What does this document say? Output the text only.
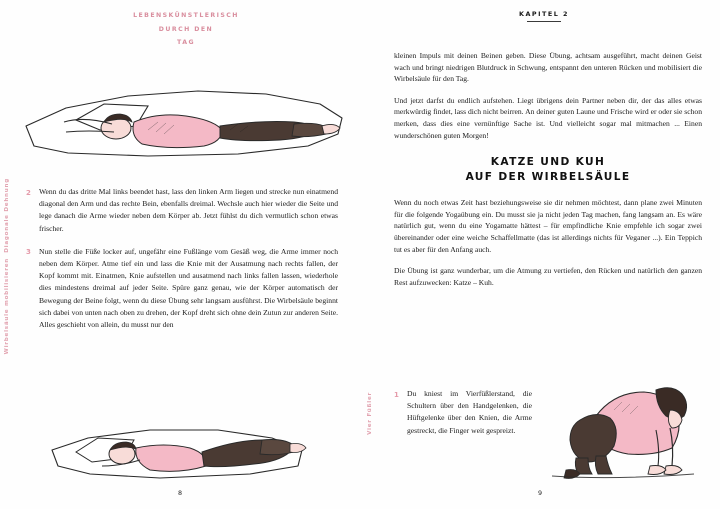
LEBENSKÜNSTLERISCH
DURCH DEN
TAG
Diagonale Dehnung
Wirbelsäule mobilisieren
2 Wenn du das dritte Mal links beendet hast, lass den linken Arm liegen und strecke nun einatmend diagonal den Arm und das rechte Bein, ebenfalls dreimal. Wechsle auch hier wieder die Seite und lege danach die Arme wieder neben dem Körper ab. Jetzt fühlst du dich vermutlich schon etwas frischer.
3 Nun stelle die Füße locker auf, ungefähr eine Fußlänge vom Gesäß weg, die Arme immer noch neben dem Körper. Atme tief ein und lass die Knie mit der Ausatmung nach rechts fallen, der Kopf kommt mit. Einatmen, Knie aufstellen und ausatmend nach links fallen lassen, wiederhole dies mindestens dreimal auf jeder Seite. Spüre ganz genau, wie der Körper automatisch der Bewegung der Beine folgt, wenn du diese Übung sehr langsam ausführst. Die Wirbelsäule beginnt sich dabei von unten nach oben zu drehen, der Kopf dreht sich ohne dein Zutun zur anderen Seite. Alles geschieht von allein, du musst nur den
8
KAPITEL 2

kleinen Impuls mit deinen Beinen geben. Diese Übung, achtsam ausgeführt, macht deinen Geist wach und bringt niedrigen Blutdruck in Schwung, entspannt den unteren Rücken und mobilisiert die Wirbelsäule für den Tag.

Und jetzt darfst du endlich aufstehen. Liegt übrigens dein Partner neben dir, der das alles etwas merkwürdig findet, lass dich nicht beirren. An deiner guten Laune und Frische wird er oder sie schon merken, dass dies eine vernünftige Sache ist. Und vielleicht sogar mal mitmachen ... Einen wunderschönen guten Morgen!

KATZE UND KUH
AUF DER WIRBELSÄULE

Wenn du noch etwas Zeit hast beziehungsweise sie dir nehmen möchtest, dann plane zwei Minuten für die folgende Yogaübung ein. Du musst sie ja nicht jeden Tag machen, fang langsam an. Es wäre natürlich gut, wenn du eine Yogamatte hättest – für empfindliche Knie empfehle ich sogar zwei übereinander oder eine weiche Schaffellmatte (das ist allerdings nichts für Veganer ...). Ein Teppich tut es aber für den Anfang auch.

Die Übung ist ganz wunderbar, um die Atmung zu vertiefen, den Rücken und natürlich den ganzen Rest aufzuwecken: Katze – Kuh.

Vier Füßler	1 Du kniest im Vierfüßlerstand, die Schultern über den Handgelenken, die Hüftgelenke über den Knien, die Arme gestreckt, die Finger weit gespreizt.
9
